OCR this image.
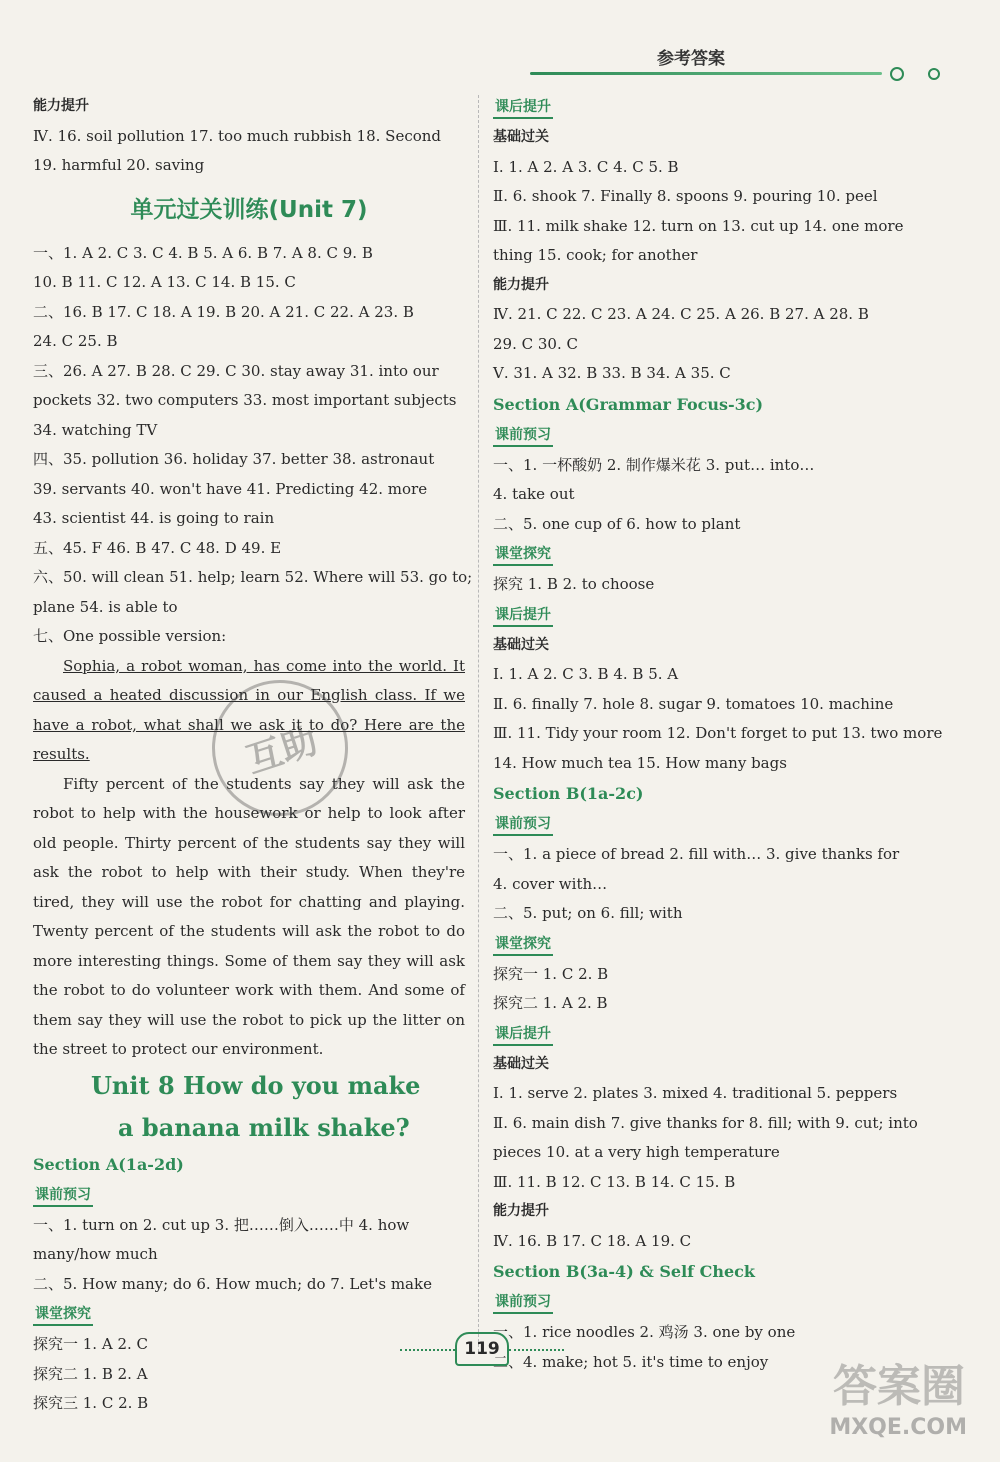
参考答案
能力提升
Ⅳ. 16. soil pollution 17. too much rubbish 18. Second
19. harmful 20. saving
单元过关训练(Unit 7)
一、1. A 2. C 3. C 4. B 5. A 6. B 7. A 8. C 9. B
10. B 11. C 12. A 13. C 14. B 15. C
二、16. B 17. C 18. A 19. B 20. A 21. C 22. A 23. B
24. C 25. B
三、26. A 27. B 28. C 29. C 30. stay away 31. into our
pockets 32. two computers 33. most important subjects
34. watching TV
四、35. pollution 36. holiday 37. better 38. astronaut
39. servants 40. won't have 41. Predicting 42. more
43. scientist 44. is going to rain
五、45. F 46. B 47. C 48. D 49. E
六、50. will clean 51. help; learn 52. Where will 53. go to;
plane 54. is able to
七、One possible version:
Sophia, a robot woman, has come into the world. It caused a heated discussion in our English class. If we have a robot, what shall we ask it to do? Here are the results.
Fifty percent of the students say they will ask the robot to help with the housework or help to look after old people. Thirty percent of the students say they will ask the robot to help with their study. When they're tired, they will use the robot for chatting and playing. Twenty percent of the students will ask the robot to do more interesting things. Some of them say they will ask the robot to do volunteer work with them. And some of them say they will use the robot to pick up the litter on the street to protect our environment.
Unit 8 How do you make
a banana milk shake?
Section A(1a-2d)
课前预习
一、1. turn on 2. cut up 3. 把……倒入……中 4. how
many/how much
二、5. How many; do 6. How much; do 7. Let's make
课堂探究
探究一 1. A 2. C
探究二 1. B 2. A
探究三 1. C 2. B
课后提升
基础过关
Ⅰ. 1. A 2. A 3. C 4. C 5. B
Ⅱ. 6. shook 7. Finally 8. spoons 9. pouring 10. peel
Ⅲ. 11. milk shake 12. turn on 13. cut up 14. one more
thing 15. cook; for another
能力提升
Ⅳ. 21. C 22. C 23. A 24. C 25. A 26. B 27. A 28. B
29. C 30. C
Ⅴ. 31. A 32. B 33. B 34. A 35. C
Section A(Grammar Focus-3c)
课前预习
一、1. 一杯酸奶 2. 制作爆米花 3. put… into…
4. take out
二、5. one cup of 6. how to plant
课堂探究
探究 1. B 2. to choose
课后提升
基础过关
Ⅰ. 1. A 2. C 3. B 4. B 5. A
Ⅱ. 6. finally 7. hole 8. sugar 9. tomatoes 10. machine
Ⅲ. 11. Tidy your room 12. Don't forget to put 13. two more
14. How much tea 15. How many bags
Section B(1a-2c)
课前预习
一、1. a piece of bread 2. fill with… 3. give thanks for
4. cover with…
二、5. put; on 6. fill; with
课堂探究
探究一 1. C 2. B
探究二 1. A 2. B
课后提升
基础过关
Ⅰ. 1. serve 2. plates 3. mixed 4. traditional 5. peppers
Ⅱ. 6. main dish 7. give thanks for 8. fill; with 9. cut; into
pieces 10. at a very high temperature
Ⅲ. 11. B 12. C 13. B 14. C 15. B
能力提升
Ⅳ. 16. B 17. C 18. A 19. C
Section B(3a-4) & Self Check
课前预习
一、1. rice noodles 2. 鸡汤 3. one by one
二、4. make; hot 5. it's time to enjoy
互助
119
答案圈
MXQE.COM
